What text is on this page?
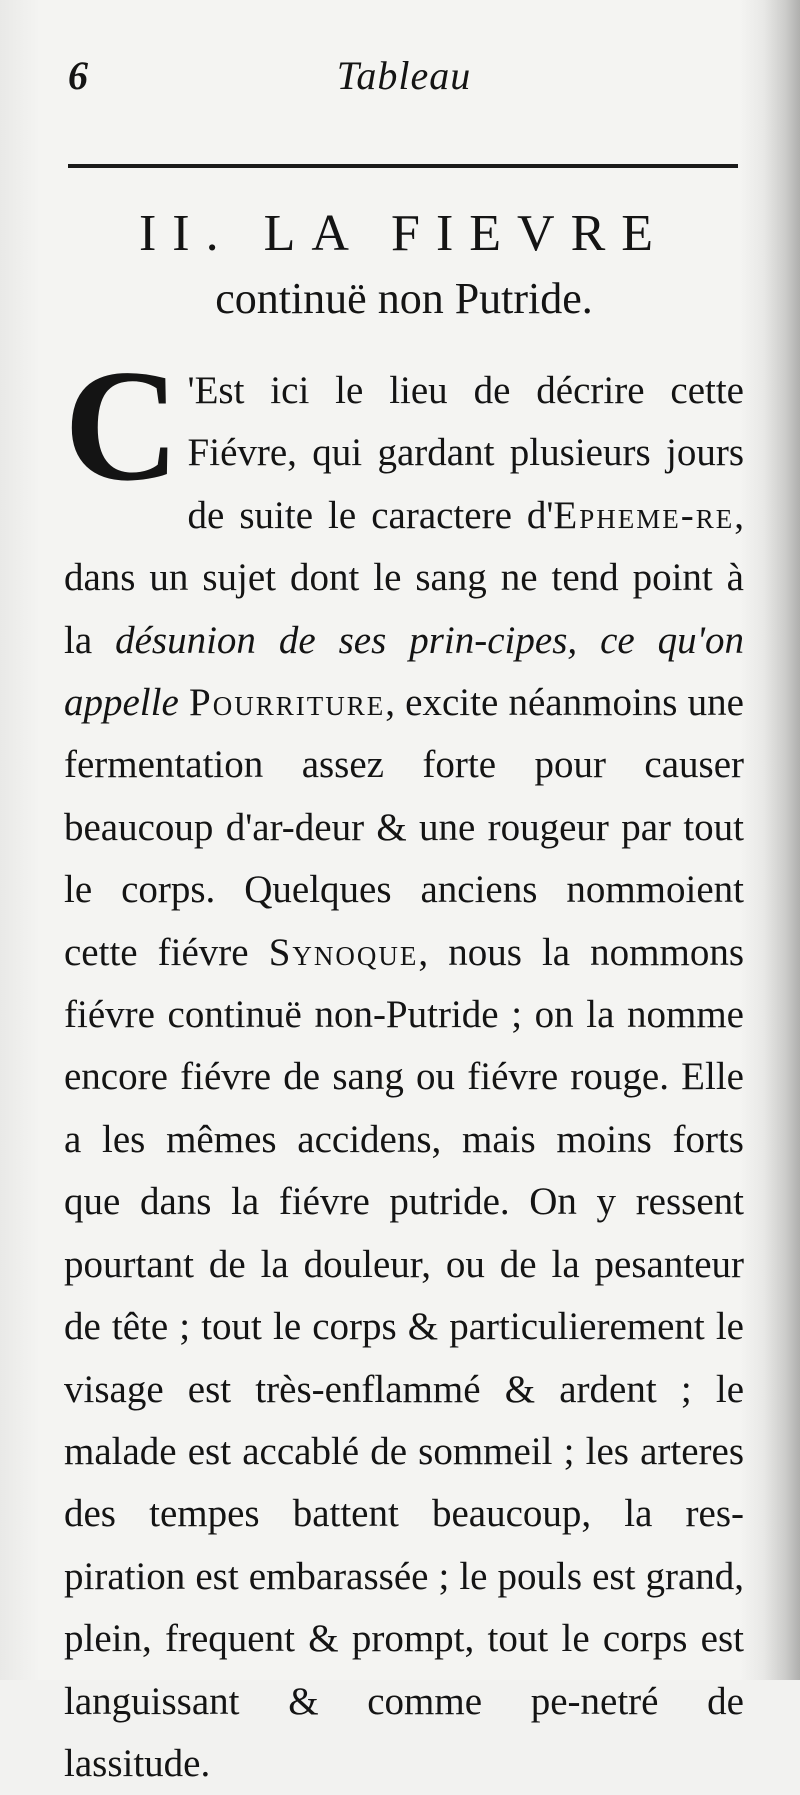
6	Tableau
II. LA FIEVRE
continuë non Putride.
C 'Est ici le lieu de décrire cette Fiévre, qui gardant plusieurs jours de suite le caractere d'Epheme-re, dans un sujet dont le sang ne tend point à la désunion de ses prin-cipes, ce qu'on appelle Pourriture, excite néanmoins une fermentation assez forte pour causer beaucoup d'ar-deur & une rougeur par tout le corps. Quelques anciens nommoient cette fiévre Synoque, nous la nommons fiévre continuë non-Putride ; on la nomme encore fiévre de sang ou fiévre rouge. Elle a les mêmes accidens, mais moins forts que dans la fiévre putride. On y ressent pourtant de la douleur, ou de la pesanteur de tête ; tout le corps & particulierement le visage est très-enflammé & ardent ; le malade est accablé de sommeil ; les arteres des tempes battent beaucoup, la res-piration est embarassée ; le pouls est grand, plein, frequent & prompt, tout le corps est languissant & comme pe-netré de lassitude.
